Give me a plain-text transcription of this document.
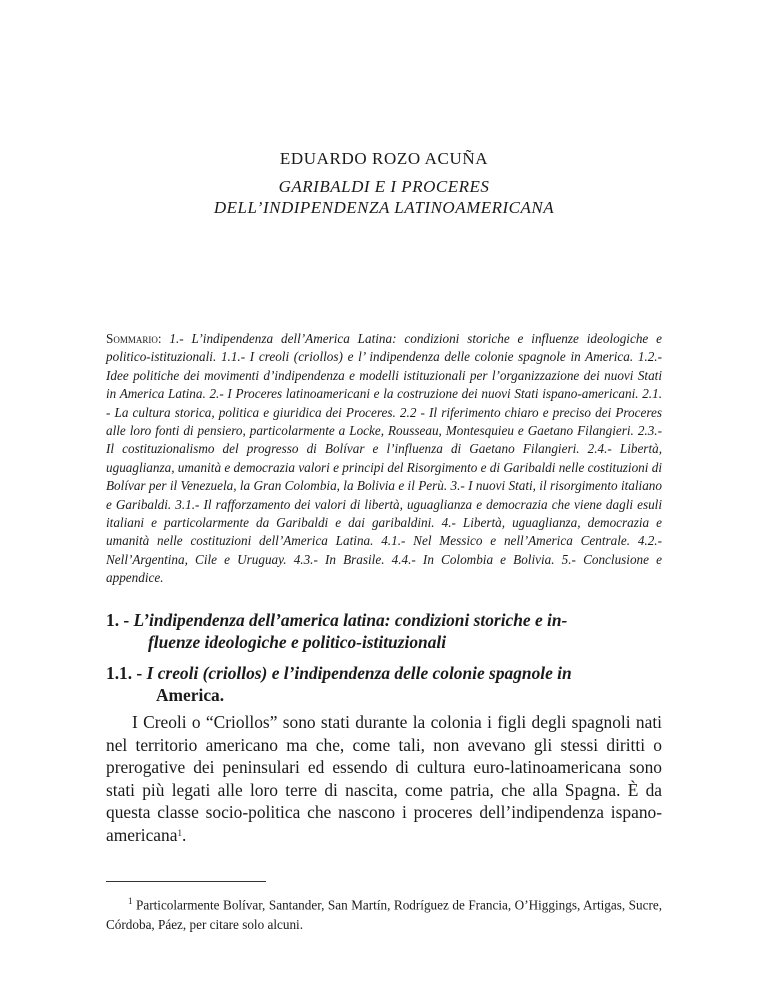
EDUARDO ROZO ACUÑA
GARIBALDI E I PROCERES
DELL’INDIPENDENZA LATINOAMERICANA
Sommario: 1.- L’indipendenza dell’America Latina: condizioni storiche e influenze ideologiche e politico-istituzionali. 1.1.- I creoli (criollos) e l’ indipendenza delle colonie spagnole in America. 1.2.- Idee politiche dei movimenti d’indipendenza e modelli istituzionali per l’organizzazione dei nuovi Stati in America Latina. 2.- I Proceres latinoamericani e la costruzione dei nuovi Stati ispano-americani. 2.1. - La cultura storica, politica e giuridica dei Proceres. 2.2 - Il riferimento chiaro e preciso dei Proceres alle loro fonti di pensiero, particolarmente a Locke, Rousseau, Montesquieu e Gaetano Filangieri. 2.3.- Il costituzionalismo del progresso di Bolívar e l’influenza di Gaetano Filangieri. 2.4.- Libertà, uguaglianza, umanità e democrazia valori e principi del Risorgimento e di Garibaldi nelle costituzioni di Bolívar per il Venezuela, la Gran Colombia, la Bolivia e il Perù. 3.- I nuovi Stati, il risorgimento italiano e Garibaldi. 3.1.- Il rafforzamento dei valori di libertà, uguaglianza e democrazia che viene dagli esuli italiani e particolarmente da Garibaldi e dai garibaldini. 4.- Libertà, uguaglianza, democrazia e umanità nelle costituzioni dell’America Latina. 4.1.- Nel Messico e nell’America Centrale. 4.2.- Nell’Argentina, Cile e Uruguay. 4.3.- In Brasile. 4.4.- In Colombia e Bolivia. 5.- Conclusione e appendice.
1. - L’indipendenza dell’america latina: condizioni storiche e in-
fluenze ideologiche e politico-istituzionali
1.1. - I creoli (criollos) e l’indipendenza delle colonie spagnole in
America.
I Creoli o “Criollos” sono stati durante la colonia i figli degli spagnoli nati nel territorio americano ma che, come tali, non avevano gli stessi diritti o prerogative dei peninsulari ed essendo di cultura euro-latinoamericana sono stati più legati alle loro terre di nascita, come patria, che alla Spagna. È da questa classe socio-politica che nascono i proceres dell’indipendenza ispano-americana$^1$.
$^1$ Particolarmente Bolívar, Santander, San Martín, Rodríguez de Francia, O’Higgings, Artigas, Sucre, Córdoba, Páez, per citare solo alcuni.
